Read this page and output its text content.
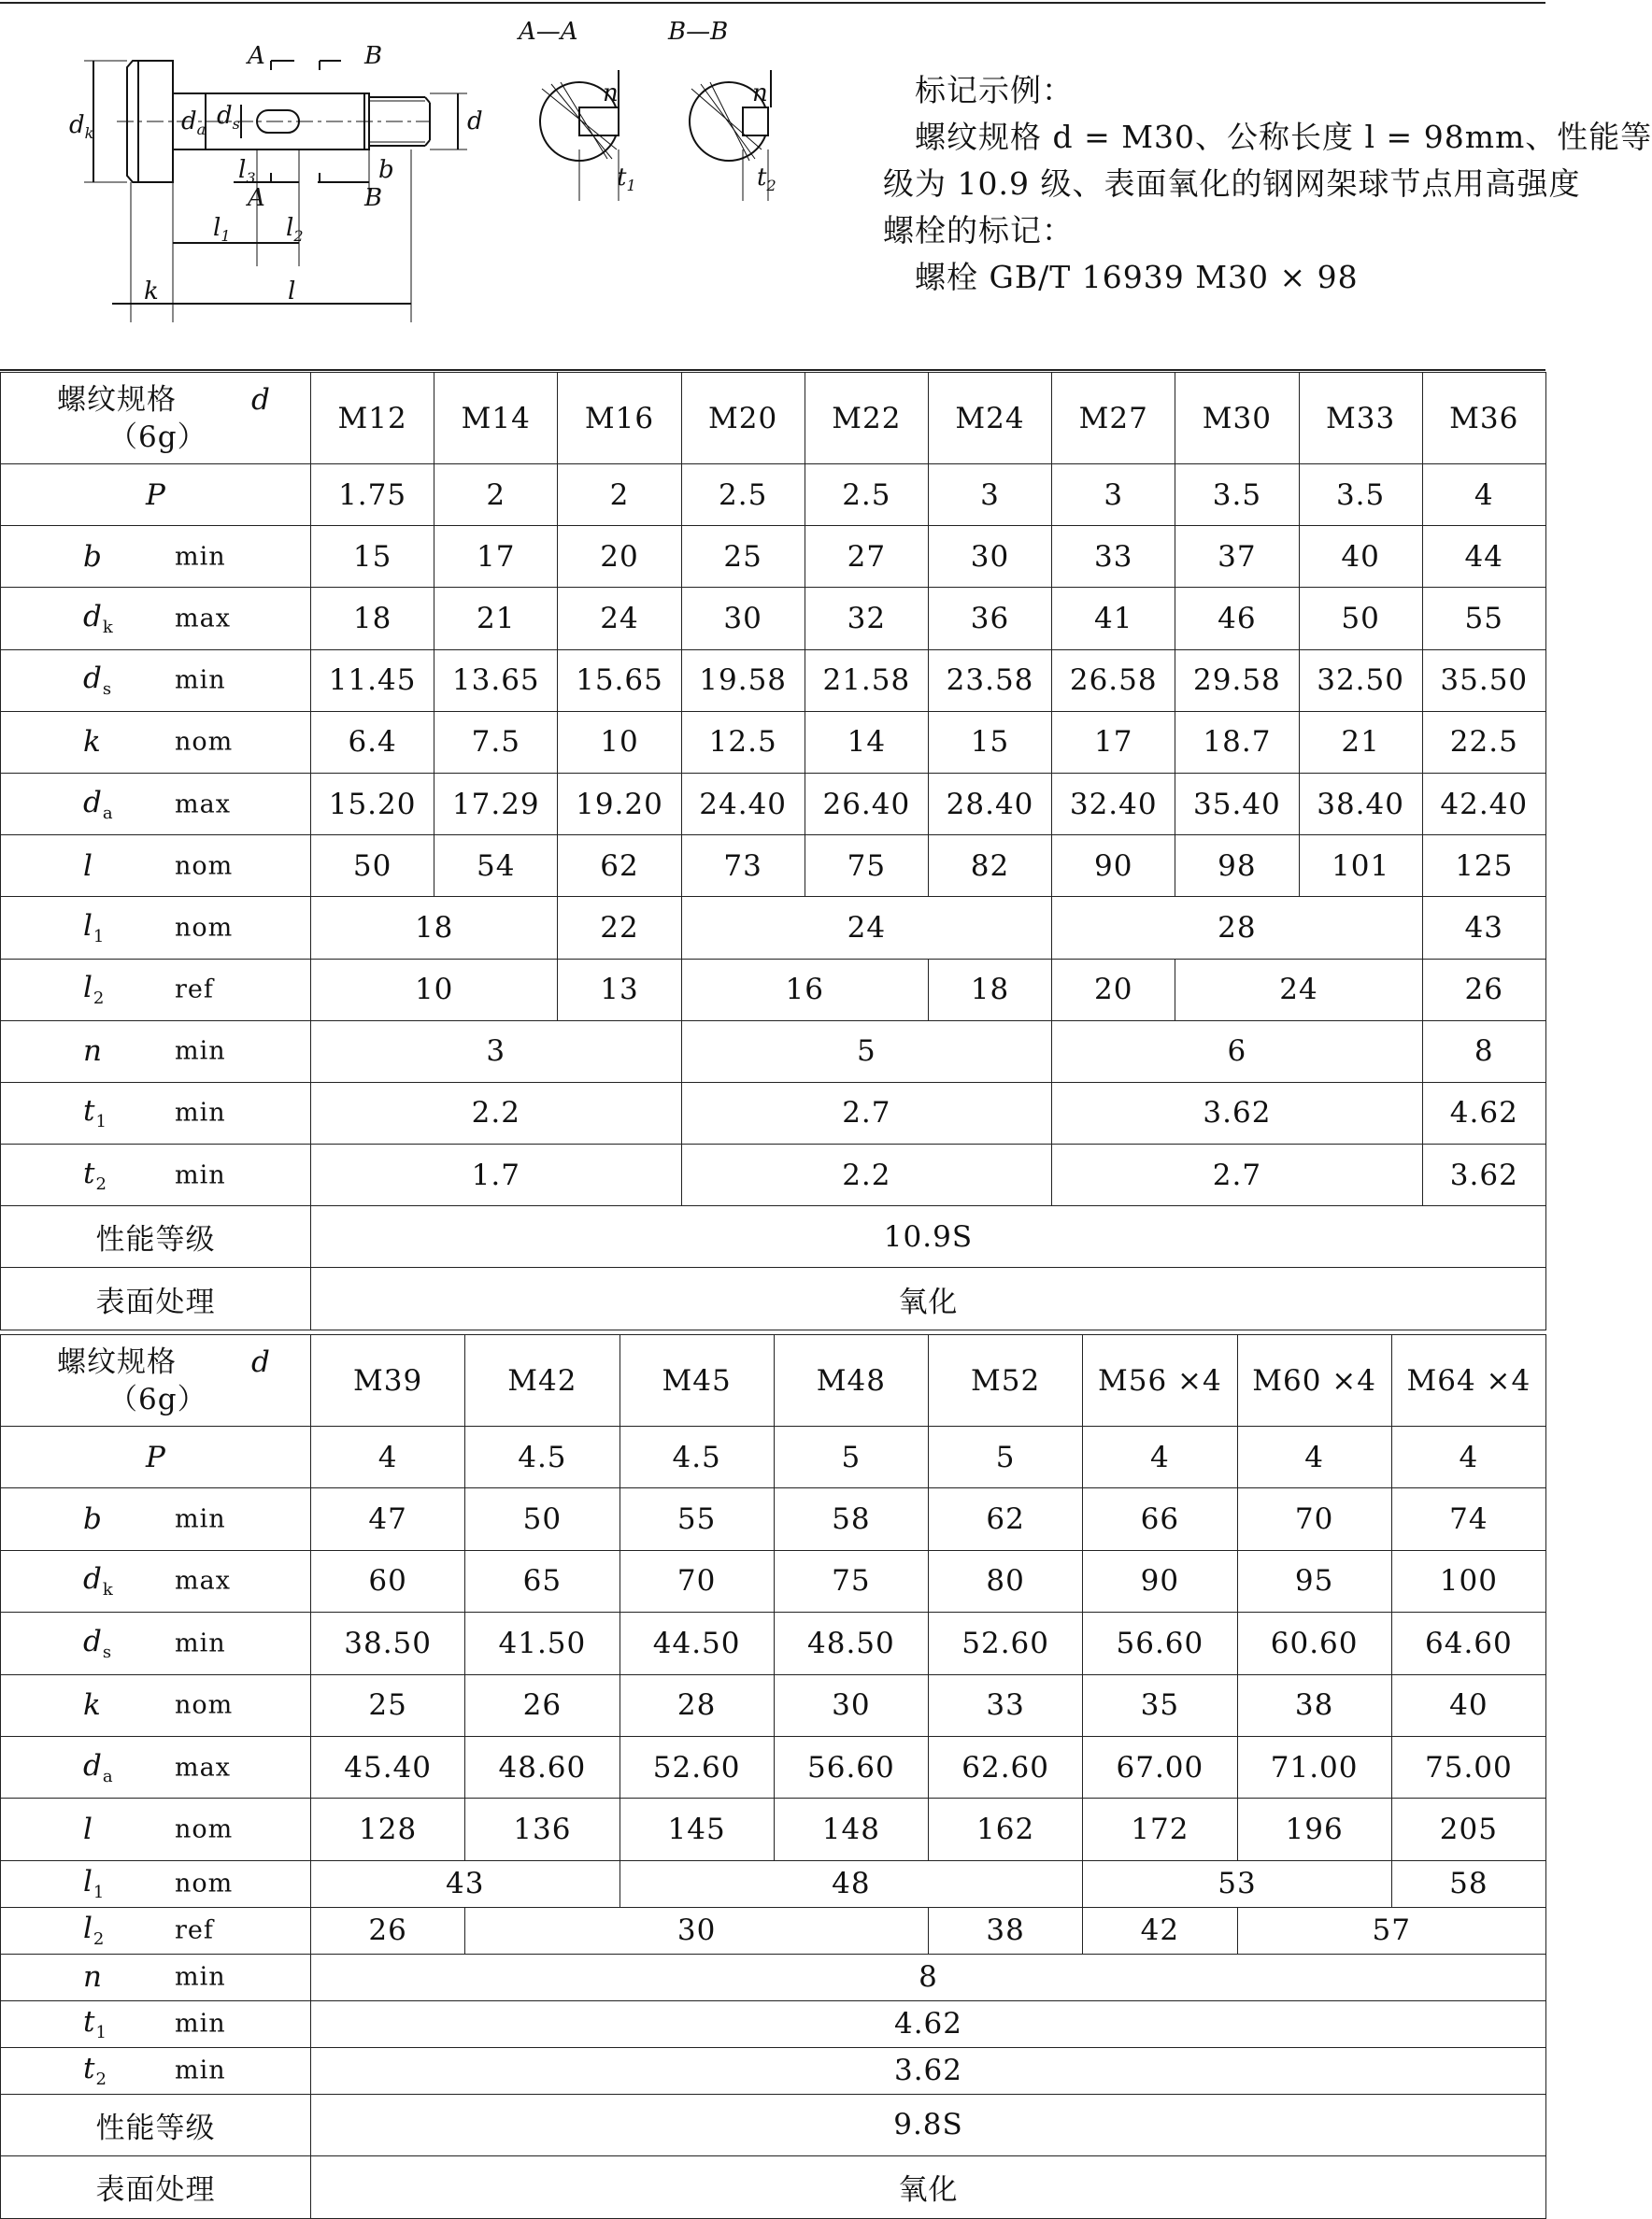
$d_k$	$d_a$ $d_s$	d
$l_3$
$l_1$ $l_2$
b
k	l
A	B
A	B
A—A	B—B
n	n
$t_1$	$t_2$
标记示例：
螺纹规格 d = M30、公称长度 l = 98mm、性能等
级为 10.9 级、表面氧化的钢网架球节点用高强度
螺栓的标记：
螺栓 GB/T 16939 M30 × 98
螺纹规格 d
（6g）	M12	M14	M16	M20	M22	M24	M27	M30	M33	M36

P	1.75	2	2	2.5	2.5	3	3	3.5	3.5	4

b min	15	17	20	25	27	30	33	37	40	44

$d_k$ max	18	21	24	30	32	36	41	46	50	55

$d_s$ min	11.45	13.65	15.65	19.58	21.58	23.58	26.58	29.58	32.50	35.50

k nom	6.4	7.5	10	12.5	14	15	17	18.7	21	22.5

$d_a$ max	15.20	17.29	19.20	24.40	26.40	28.40	32.40	35.40	38.40	42.40

l nom	50	54	62	73	75	82	90	98	101	125

$l_1$ nom	18		22	24			28			43

$l_2$ ref	10		13	16		18	20	24		26

n min	3			5			6			8

$t_1$ min	2.2			2.7			3.62			4.62

$t_2$ min	1.7			2.2			2.7			3.62
性能等级	10.9S									
表面处理	氧化									
螺纹规格 d
（6g）	M39	M42	M45	M48	M52	M56 ×4	M60 ×4	M64 ×4

P	4	4.5	4.5	5	5	4	4	4

b min	47	50	55	58	62	66	70	74

$d_k$ max	60	65	70	75	80	90	95	100

$d_s$ min	38.50	41.50	44.50	48.50	52.60	56.60	60.60	64.60

k nom	25	26	28	30	33	35	38	40

$d_a$ max	45.40	48.60	52.60	56.60	62.60	67.00	71.00	75.00

l nom	128	136	145	148	162	172	196	205

$l_1$ nom	43		48			53		58

$l_2$ ref	26	30			38	42	57	

n min	8							

$t_1$ min	4.62							

$t_2$ min	3.62							
性能等级	9.8S							
表面处理	氧化							
